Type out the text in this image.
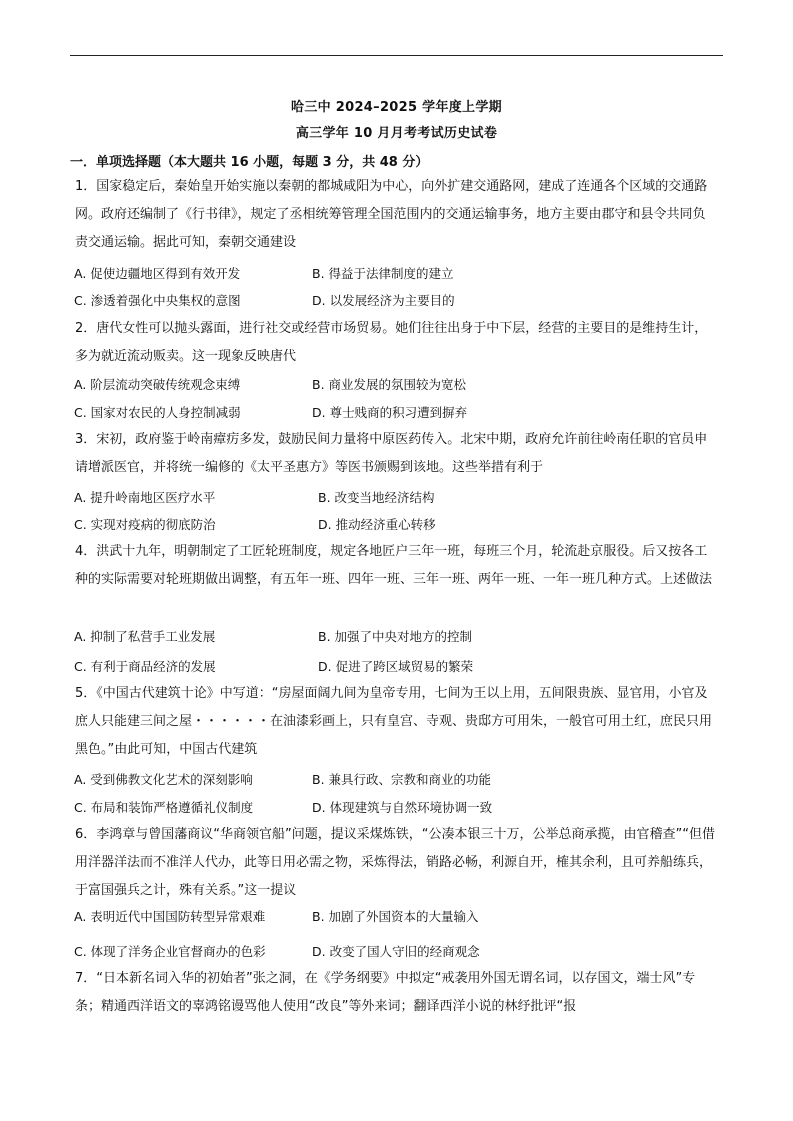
哈三中 2024–2025 学年度上学期
高三学年 10 月月考考试历史试卷
一．单项选择题（本大题共 16 小题，每题 3 分，共 48 分）
1．国家稳定后，秦始皇开始实施以秦朝的都城咸阳为中心，向外扩建交通路网，建成了连通各个区域的交通路网。政府还编制了《行书律》，规定了丞相统筹管理全国范围内的交通运输事务，地方主要由郡守和县令共同负责交通运输。据此可知，秦朝交通建设
A. 促使边疆地区得到有效开发	B. 得益于法律制度的建立
C. 渗透着强化中央集权的意图	D. 以发展经济为主要目的
2．唐代女性可以抛头露面，进行社交或经营市场贸易。她们往往出身于中下层，经营的主要目的是维持生计，多为就近流动贩卖。这一现象反映唐代
A. 阶层流动突破传统观念束缚	B. 商业发展的氛围较为宽松
C. 国家对农民的人身控制减弱	D. 尊士贱商的积习遭到摒弃
3．宋初，政府鉴于岭南瘴疠多发，鼓励民间力量将中原医药传入。北宋中期，政府允许前往岭南任职的官员申请增派医官，并将统一编修的《太平圣惠方》等医书颁赐到该地。这些举措有利于
A. 提升岭南地区医疗水平	B. 改变当地经济结构
C. 实现对疫病的彻底防治	D. 推动经济重心转移
4．洪武十九年，明朝制定了工匠轮班制度，规定各地匠户三年一班，每班三个月，轮流赴京服役。后又按各工种的实际需要对轮班期做出调整，有五年一班、四年一班、三年一班、两年一班、一年一班几种方式。上述做法
A. 抑制了私营手工业发展	B. 加强了中央对地方的控制
C. 有利于商品经济的发展	D. 促进了跨区域贸易的繁荣
5．《中国古代建筑十论》中写道：“房屋面阔九间为皇帝专用，七间为王以上用，五间限贵族、显官用，小官及庶人只能建三间之屋・・・・・・在油漆彩画上，只有皇宫、寺观、贵邸方可用朱，一般官可用土红，庶民只用黑色。”由此可知，中国古代建筑
A. 受到佛教文化艺术的深刻影响	B. 兼具行政、宗教和商业的功能
C. 布局和装饰严格遵循礼仪制度	D. 体现建筑与自然环境协调一致
6．李鸿章与曾国藩商议“华商领官船”问题，提议采煤炼铁，“公凑本银三十万，公举总商承揽，由官稽查”“但借用洋器洋法而不准洋人代办，此等日用必需之物，采炼得法，销路必畅，利源自开，榷其余利，且可养船练兵，于富国强兵之计，殊有关系。”这一提议
A. 表明近代中国国防转型异常艰难	B. 加剧了外国资本的大量输入
C. 体现了洋务企业官督商办的色彩	D. 改变了国人守旧的经商观念
7．“日本新名词入华的初始者”张之洞，在《学务纲要》中拟定“戒袭用外国无谓名词，以存国文，端士风”专条；精通西洋语文的辜鸿铭谩骂他人使用“改良”等外来词；翻译西洋小说的林纾批评“报
